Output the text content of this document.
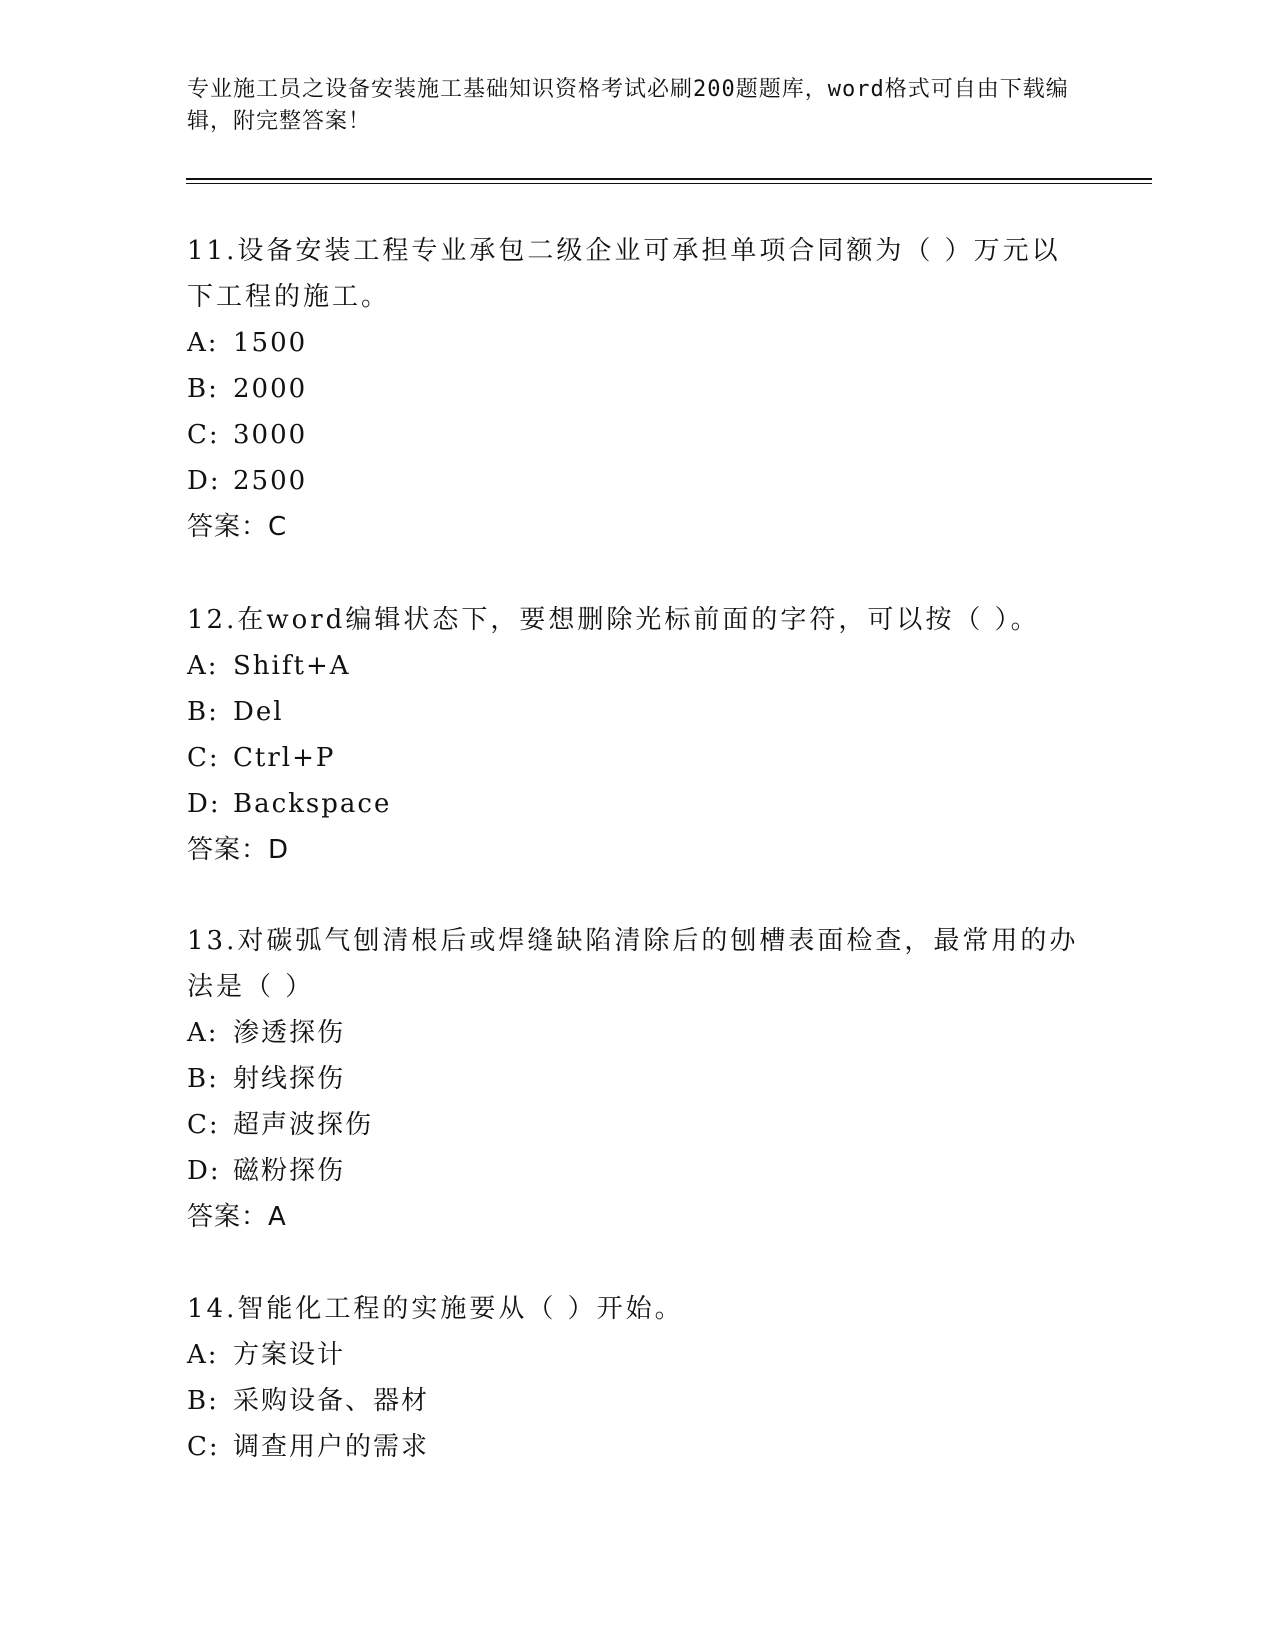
专业施工员之设备安装施工基础知识资格考试必刷200题题库，word格式可自由下载编辑，附完整答案！

11.设备安装工程专业承包二级企业可承担单项合同额为（ ）万元以下工程的施工。

A: 1500

B: 2000

C: 3000

D: 2500

答案：C

12.在word编辑状态下，要想删除光标前面的字符，可以按（ ）。

A: Shift+A

B: Del

C: Ctrl+P

D: Backspace

答案：D

13.对碳弧气刨清根后或焊缝缺陷清除后的刨槽表面检查，最常用的办法是（ ）

A: 渗透探伤

B: 射线探伤

C: 超声波探伤

D: 磁粉探伤

答案：A

14.智能化工程的实施要从（ ）开始。

A: 方案设计

B: 采购设备、器材

C: 调查用户的需求
